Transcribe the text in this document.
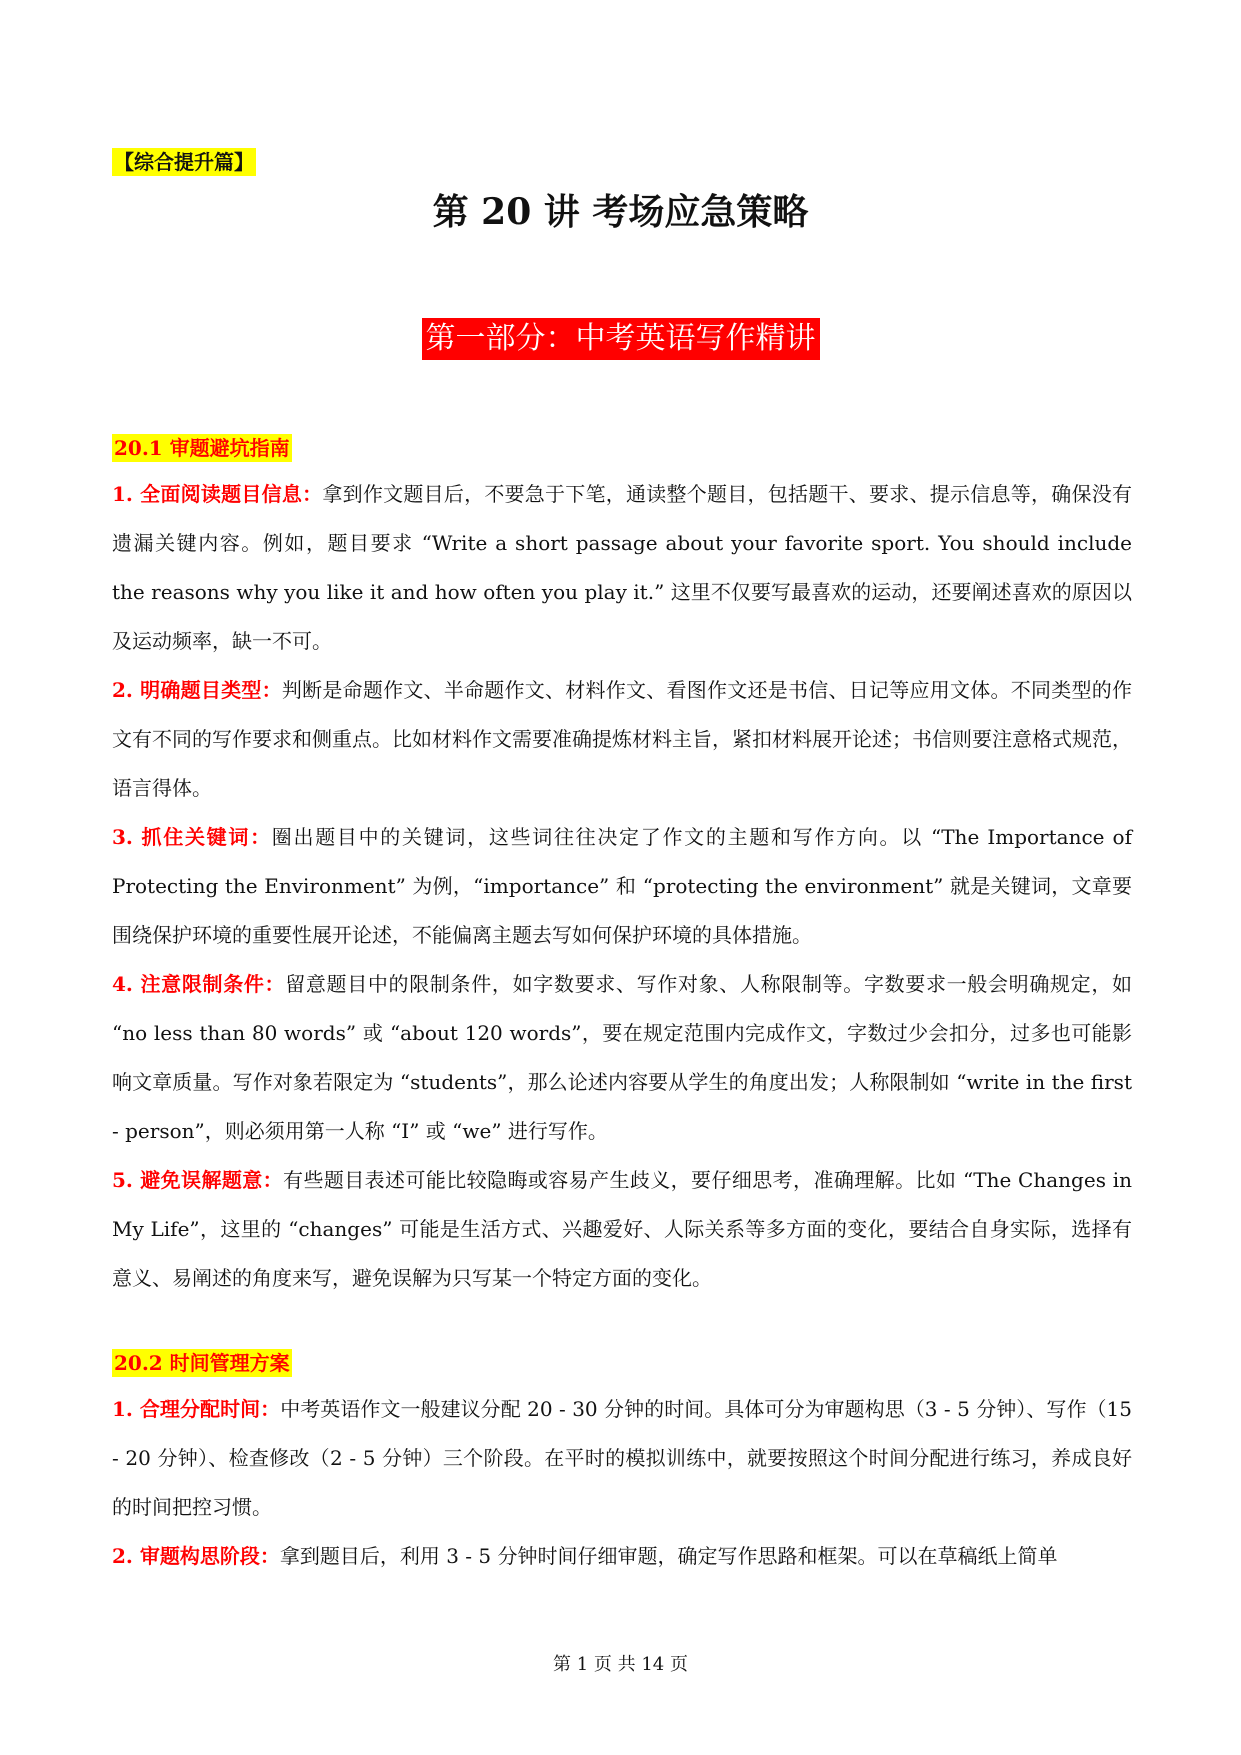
【综合提升篇】
第 20 讲 考场应急策略
第一部分：中考英语写作精讲
20.1 审题避坑指南

1. 全面阅读题目信息：拿到作文题目后，不要急于下笔，通读整个题目，包括题干、要求、提示信息等，确保没有遗漏关键内容。例如，题目要求 “Write a short passage about your favorite sport. You should include the reasons why you like it and how often you play it.” 这里不仅要写最喜欢的运动，还要阐述喜欢的原因以及运动频率，缺一不可。

2. 明确题目类型：判断是命题作文、半命题作文、材料作文、看图作文还是书信、日记等应用文体。不同类型的作文有不同的写作要求和侧重点。比如材料作文需要准确提炼材料主旨，紧扣材料展开论述；书信则要注意格式规范，语言得体。

3. 抓住关键词：圈出题目中的关键词，这些词往往决定了作文的主题和写作方向。以 “The Importance of Protecting the Environment” 为例，“importance” 和 “protecting the environment” 就是关键词，文章要围绕保护环境的重要性展开论述，不能偏离主题去写如何保护环境的具体措施。

4. 注意限制条件：留意题目中的限制条件，如字数要求、写作对象、人称限制等。字数要求一般会明确规定，如 “no less than 80 words” 或 “about 120 words”，要在规定范围内完成作文，字数过少会扣分，过多也可能影响文章质量。写作对象若限定为 “students”，那么论述内容要从学生的角度出发；人称限制如 “write in the first - person”，则必须用第一人称 “I” 或 “we” 进行写作。

5. 避免误解题意：有些题目表述可能比较隐晦或容易产生歧义，要仔细思考，准确理解。比如 “The Changes in My Life”，这里的 “changes” 可能是生活方式、兴趣爱好、人际关系等多方面的变化，要结合自身实际，选择有意义、易阐述的角度来写，避免误解为只写某一个特定方面的变化。

20.2 时间管理方案

1. 合理分配时间：中考英语作文一般建议分配 20 - 30 分钟的时间。具体可分为审题构思（3 - 5 分钟）、写作（15 - 20 分钟）、检查修改（2 - 5 分钟）三个阶段。在平时的模拟训练中，就要按照这个时间分配进行练习，养成良好的时间把控习惯。

2. 审题构思阶段：拿到题目后，利用 3 - 5 分钟时间仔细审题，确定写作思路和框架。可以在草稿纸上简单

第 1 页 共 14 页
